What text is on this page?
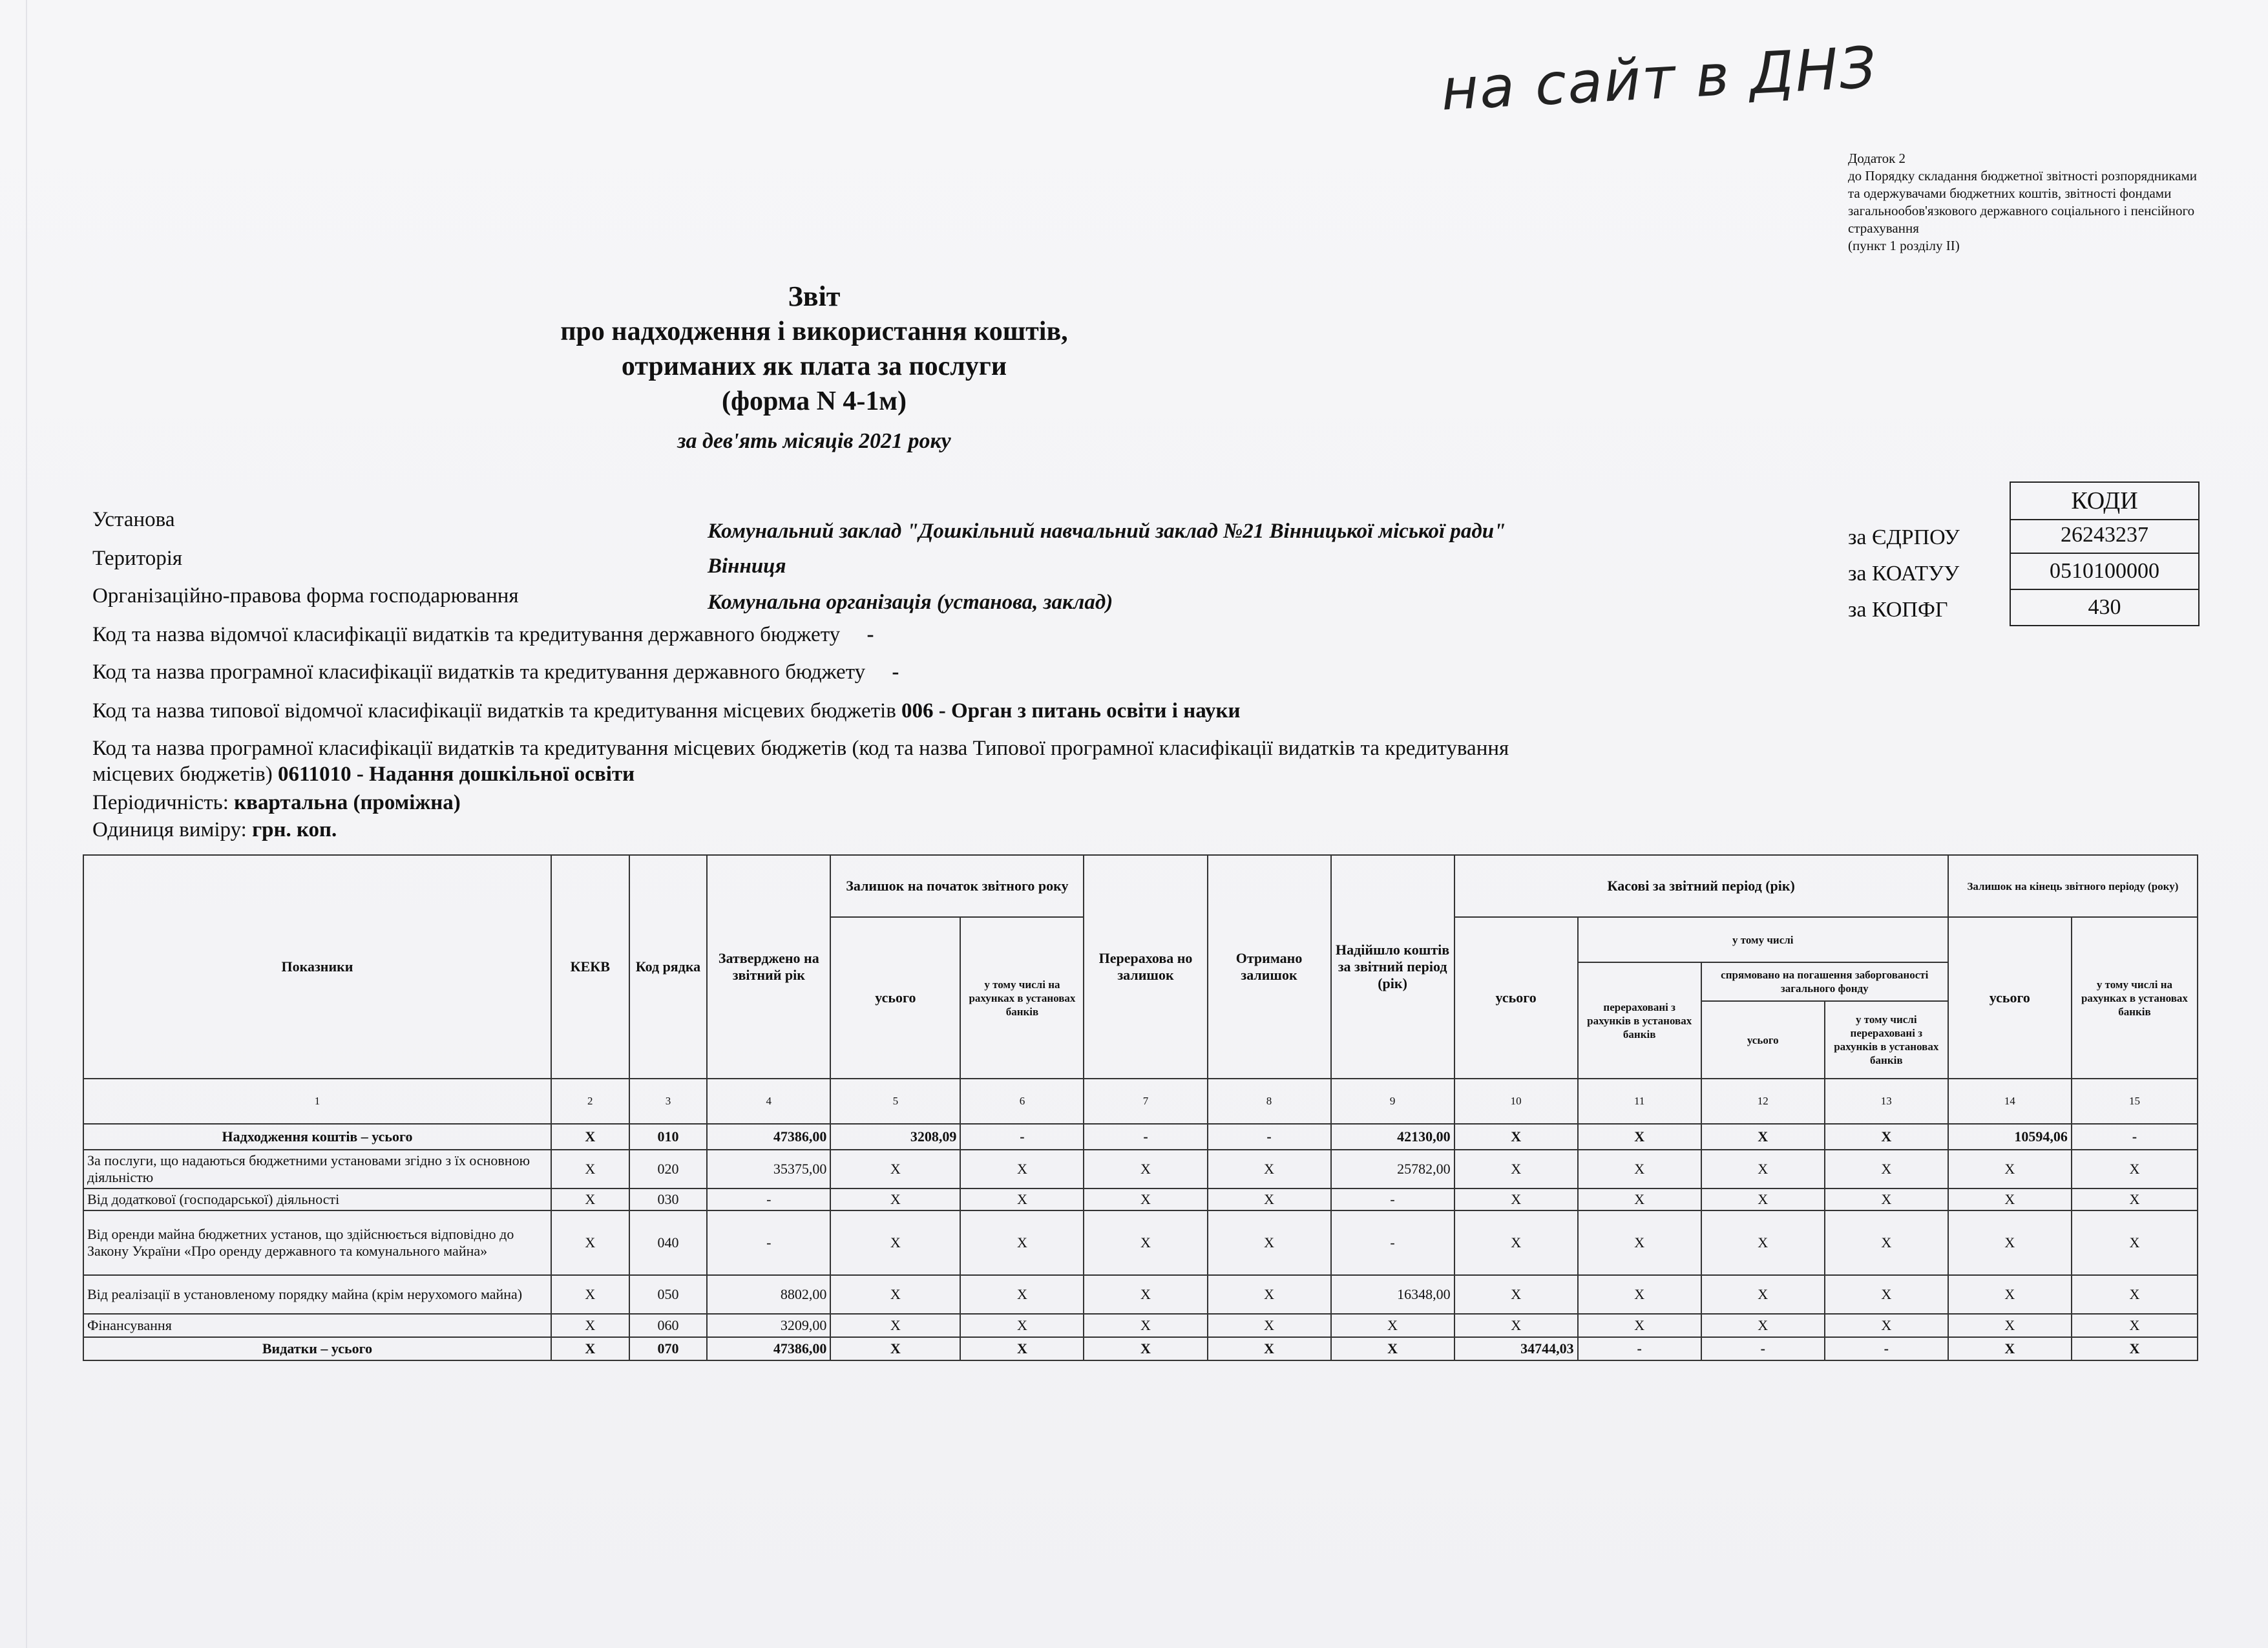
на сайт в ДНЗ
Додаток 2
до Порядку складання бюджетної звітності розпорядниками та одержувачами бюджетних коштів, звітності фондами загальнообов'язкового державного соціального і пенсійного страхування
(пункт 1 розділу II)
Звіт
про надходження і використання коштів, отриманих як плата за послуги
(форма N 4-1м)
за дев'ять місяців 2021 року
КОДИ
за ЄДРПОУ	26243237
за КОАТУУ	0510100000
за КОПФГ	430
Установа	Комунальний заклад "Дошкільний навчальний заклад №21 Вінницької міської ради"
Територія	Вінниця
Організаційно-правова форма господарювання	Комунальна організація (установа, заклад)
Код та назва відомчої класифікації видатків та кредитування державного бюджету -
Код та назва програмної класифікації видатків та кредитування державного бюджету -
Код та назва типової відомчої класифікації видатків та кредитування місцевих бюджетів 006 - Орган з питань освіти і науки
Код та назва програмної класифікації видатків та кредитування місцевих бюджетів (код та назва Типової програмної класифікації видатків та кредитування
місцевих бюджетів) 0611010 - Надання дошкільної освіти
Періодичність: квартальна (проміжна)
Одиниця виміру: грн. коп.
Показники	КЕКВ	Код рядка	Затверджено на звітний рік	Залишок на початок звітного року		Перерахова но залишок	Отримано залишок	Надійшло коштів за звітний період (рік)	Касові за звітний період (рік)				Залишок на кінець звітного періоду (року)	
				усього	у тому числі на рахунках в установах банків				усього	у тому числі			усього	у тому числі на рахунках в установах банків
										перераховані з рахунків в установах банків	спрямовано на погашення заборгованості загального фонду			
											усього	у тому числі перераховані з рахунків в установах банків		
1	2	3	4	5	6	7	8	9	10	11	12	13	14	15
Надходження коштів – усього	X	010	47386,00	3208,09	-	-	-	42130,00	X	X	X	X	10594,06	-
За послуги, що надаються бюджетними установами згідно з їх основною діяльністю	X	020	35375,00	X	X	X	X	25782,00	X	X	X	X	X	X
Від додаткової (господарської) діяльності	X	030	-	X	X	X	X	-	X	X	X	X	X	X
Від оренди майна бюджетних установ, що здійснюється відповідно до Закону України «Про оренду державного та комунального майна»	X	040	-	X	X	X	X	-	X	X	X	X	X	X
Від реалізації в установленому порядку майна (крім нерухомого майна)	X	050	8802,00	X	X	X	X	16348,00	X	X	X	X	X	X
Фінансування	X	060	3209,00	X	X	X	X	X	X	X	X	X	X	X
Видатки – усього	X	070	47386,00	X	X	X	X	X	34744,03	-	-	-	X	X
